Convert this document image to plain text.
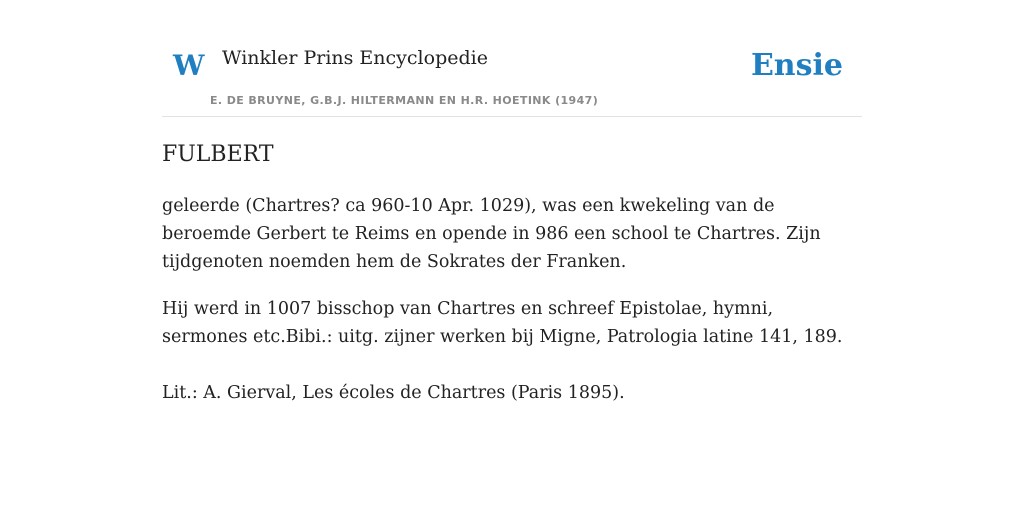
W Winkler Prins Encyclopedie
E. DE BRUYNE, G.B.J. HILTERMANN EN H.R. HOETINK (1947)
Ensie
FULBERT

geleerde (Chartres? ca 960-10 Apr. 1029), was een kwekeling van de beroemde Gerbert te Reims en opende in 986 een school te Chartres. Zijn tijdgenoten noemden hem de Sokrates der Franken.

Hij werd in 1007 bisschop van Chartres en schreef Epistolae, hymni, sermones etc.Bibi.: uitg. zijner werken bij Migne, Patrologia latine 141, 189.

Lit.: A. Gierval, Les écoles de Chartres (Paris 1895).
